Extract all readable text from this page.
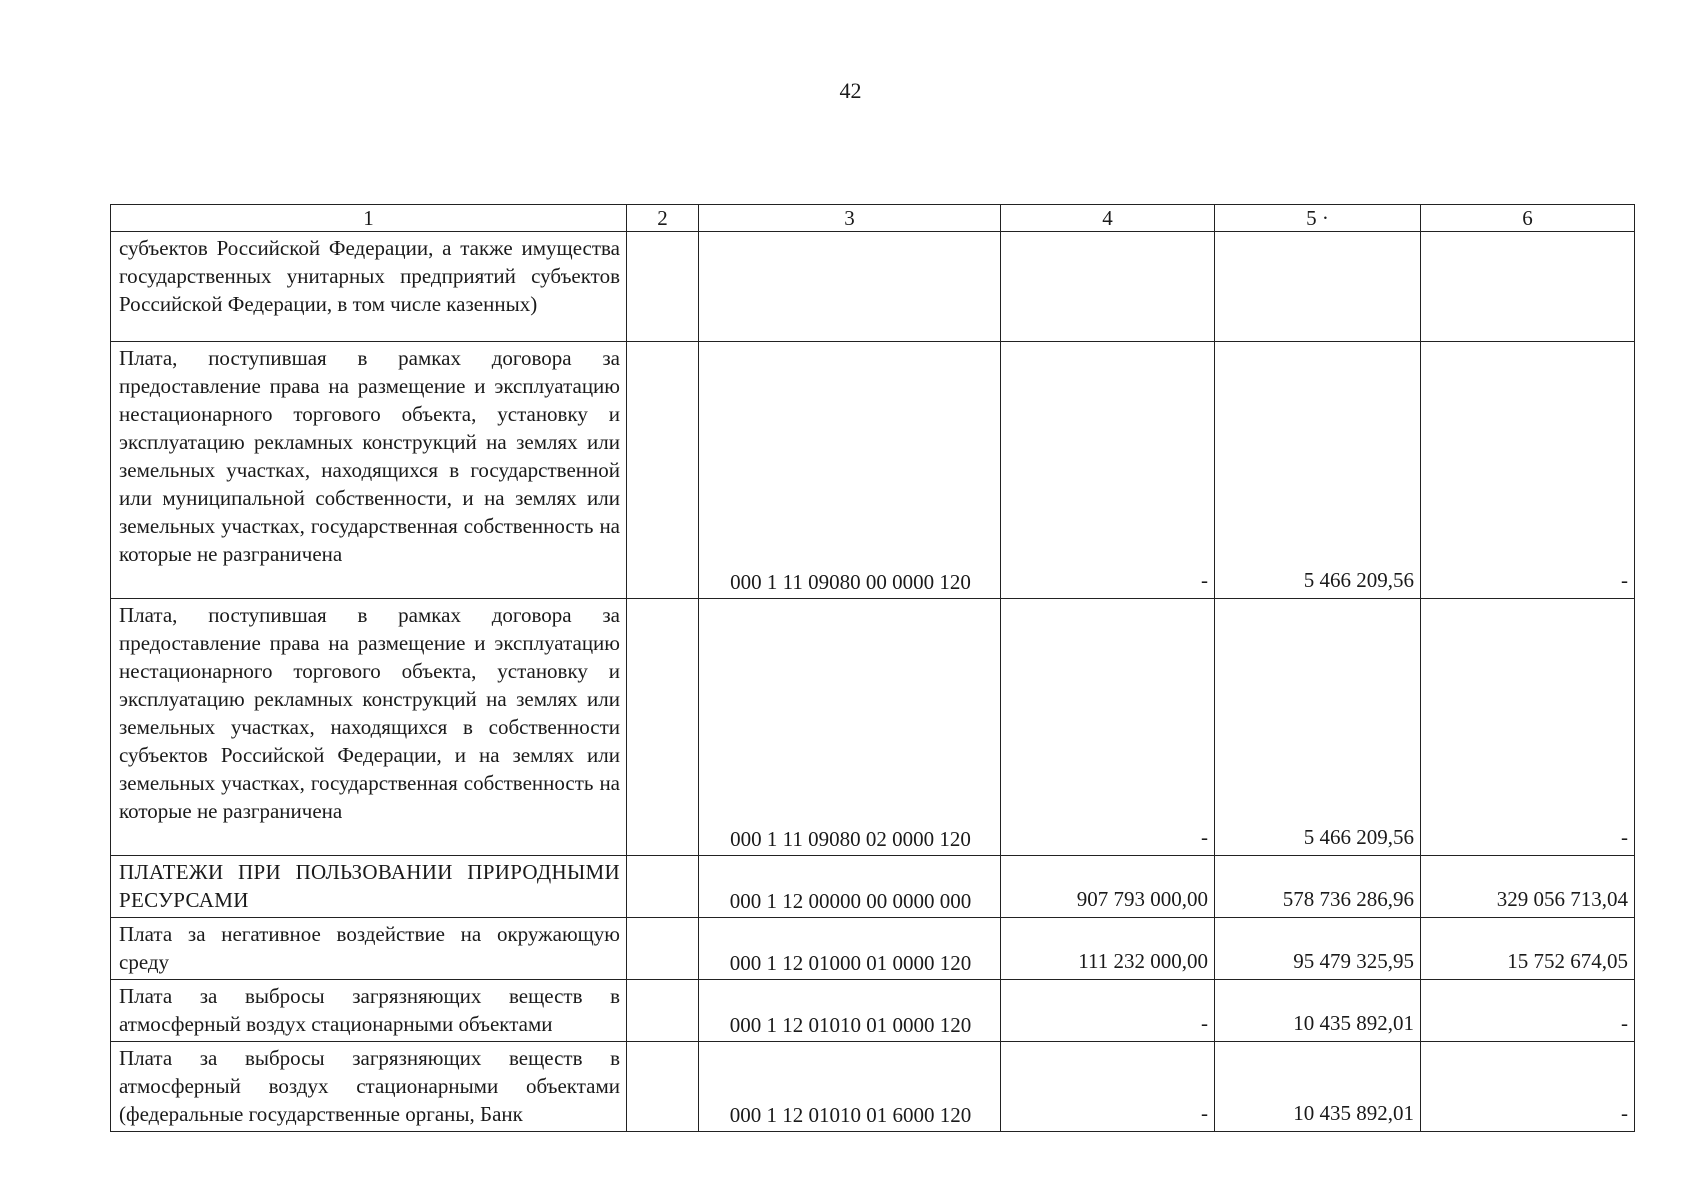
42
1	2	3	4	5 ·	6
субъектов Российской Федерации, а также имущества государственных унитарных предприятий субъектов Российской Федерации, в том числе казенных)					
Плата, поступившая в рамках договора за предоставление права на размещение и эксплуатацию нестационарного торгового объекта, установку и эксплуатацию рекламных конструкций на землях или земельных участках, находящихся в государственной или муниципальной собственности, и на землях или земельных участках, государственная собственность на которые не разграничена		000 1 11 09080 00 0000 120	-	5 466 209,56	-
Плата, поступившая в рамках договора за предоставление права на размещение и эксплуатацию нестационарного торгового объекта, установку и эксплуатацию рекламных конструкций на землях или земельных участках, находящихся в собственности субъектов Российской Федерации, и на землях или земельных участках, государственная собственность на которые не разграничена		000 1 11 09080 02 0000 120	-	5 466 209,56	-
ПЛАТЕЖИ ПРИ ПОЛЬЗОВАНИИ ПРИРОДНЫМИ РЕСУРСАМИ		000 1 12 00000 00 0000 000	907 793 000,00	578 736 286,96	329 056 713,04
Плата за негативное воздействие на окружающую среду		000 1 12 01000 01 0000 120	111 232 000,00	95 479 325,95	15 752 674,05
Плата за выбросы загрязняющих веществ в атмосферный воздух стационарными объектами		000 1 12 01010 01 0000 120	-	10 435 892,01	-
Плата за выбросы загрязняющих веществ в атмосферный воздух стационарными объектами (федеральные государственные органы, Банк		000 1 12 01010 01 6000 120	-	10 435 892,01	-
